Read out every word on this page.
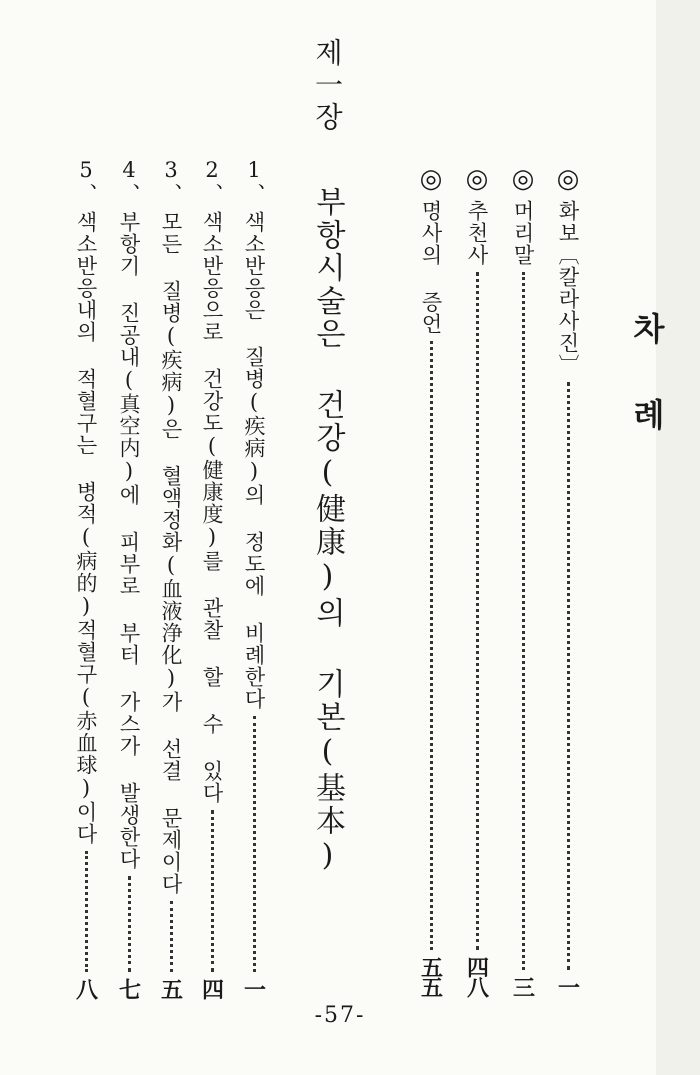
차 례
◎
화보〔칼라사진〕
一
◎
머리말
三
◎
추천사
四八
◎
명사의 증언
五五
제一장
부항시술은 건강(健康)의 기본(基本)
1、
색소반응은 질병(疾病)의 정도에 비례한다
一
2、
색소반응으로 건강도(健康度)를 관찰 할 수 있다
四
3、
모든 질병(疾病)은 혈액정화(血液浄化)가 선결 문제이다
五
4、
부항기 진공내(真空内)에 피부로 부터 가스가 발생한다
七
5、
색소반응내의 적혈구는 병적(病的)적혈구(赤血球)이다
八
-57-
